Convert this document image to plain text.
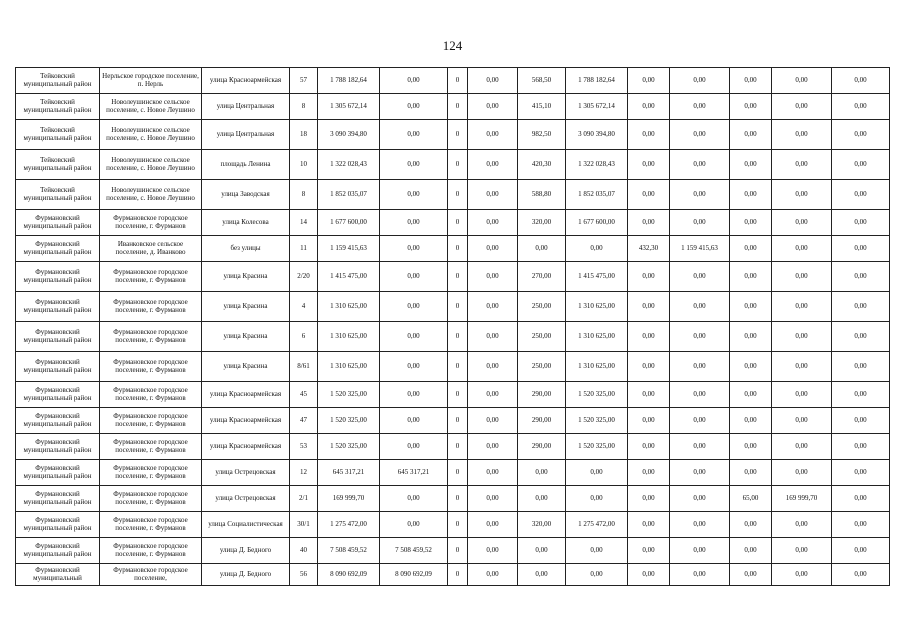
124
Тейковский муниципальный район	Нерльское городское поселение, п. Нерль	улица Красноармейская	57	1 788 182,64	0,00	0	0,00	568,50	1 788 182,64	0,00	0,00	0,00	0,00	0,00
Тейковский муниципальный район	Новолеушинское сельское поселение, с. Новое Леушино	улица Центральная	8	1 305 672,14	0,00	0	0,00	415,10	1 305 672,14	0,00	0,00	0,00	0,00	0,00
Тейковский муниципальный район	Новолеушинское сельское поселение, с. Новое Леушино	улица Центральная	18	3 090 394,80	0,00	0	0,00	982,50	3 090 394,80	0,00	0,00	0,00	0,00	0,00
Тейковский муниципальный район	Новолеушинское сельское поселение, с. Новое Леушино	площадь Ленина	10	1 322 028,43	0,00	0	0,00	420,30	1 322 028,43	0,00	0,00	0,00	0,00	0,00
Тейковский муниципальный район	Новолеушинское сельское поселение, с. Новое Леушино	улица Заводская	8	1 852 035,07	0,00	0	0,00	588,80	1 852 035,07	0,00	0,00	0,00	0,00	0,00
Фурмановский муниципальный район	Фурмановское городское поселение, г. Фурманов	улица Колесова	14	1 677 600,00	0,00	0	0,00	320,00	1 677 600,00	0,00	0,00	0,00	0,00	0,00
Фурмановский муниципальный район	Иванковское сельское поселение, д. Иванково	без улицы	11	1 159 415,63	0,00	0	0,00	0,00	0,00	432,30	1 159 415,63	0,00	0,00	0,00
Фурмановский муниципальный район	Фурмановское городское поселение, г. Фурманов	улица Красина	2/20	1 415 475,00	0,00	0	0,00	270,00	1 415 475,00	0,00	0,00	0,00	0,00	0,00
Фурмановский муниципальный район	Фурмановское городское поселение, г. Фурманов	улица Красина	4	1 310 625,00	0,00	0	0,00	250,00	1 310 625,00	0,00	0,00	0,00	0,00	0,00
Фурмановский муниципальный район	Фурмановское городское поселение, г. Фурманов	улица Красина	6	1 310 625,00	0,00	0	0,00	250,00	1 310 625,00	0,00	0,00	0,00	0,00	0,00
Фурмановский муниципальный район	Фурмановское городское поселение, г. Фурманов	улица Красина	8/61	1 310 625,00	0,00	0	0,00	250,00	1 310 625,00	0,00	0,00	0,00	0,00	0,00
Фурмановский муниципальный район	Фурмановское городское поселение, г. Фурманов	улица Красноармейская	45	1 520 325,00	0,00	0	0,00	290,00	1 520 325,00	0,00	0,00	0,00	0,00	0,00
Фурмановский муниципальный район	Фурмановское городское поселение, г. Фурманов	улица Красноармейская	47	1 520 325,00	0,00	0	0,00	290,00	1 520 325,00	0,00	0,00	0,00	0,00	0,00
Фурмановский муниципальный район	Фурмановское городское поселение, г. Фурманов	улица Красноармейская	53	1 520 325,00	0,00	0	0,00	290,00	1 520 325,00	0,00	0,00	0,00	0,00	0,00
Фурмановский муниципальный район	Фурмановское городское поселение, г. Фурманов	улица Острецовская	12	645 317,21	645 317,21	0	0,00	0,00	0,00	0,00	0,00	0,00	0,00	0,00
Фурмановский муниципальный район	Фурмановское городское поселение, г. Фурманов	улица Острецовская	2/1	169 999,70	0,00	0	0,00	0,00	0,00	0,00	0,00	65,00	169 999,70	0,00
Фурмановский муниципальный район	Фурмановское городское поселение, г. Фурманов	улица Социалистическая	30/1	1 275 472,00	0,00	0	0,00	320,00	1 275 472,00	0,00	0,00	0,00	0,00	0,00
Фурмановский муниципальный район	Фурмановское городское поселение, г. Фурманов	улица Д. Бедного	40	7 508 459,52	7 508 459,52	0	0,00	0,00	0,00	0,00	0,00	0,00	0,00	0,00
Фурмановский муниципальный	Фурмановское городское поселение,	улица Д. Бедного	56	8 090 692,09	8 090 692,09	0	0,00	0,00	0,00	0,00	0,00	0,00	0,00	0,00
